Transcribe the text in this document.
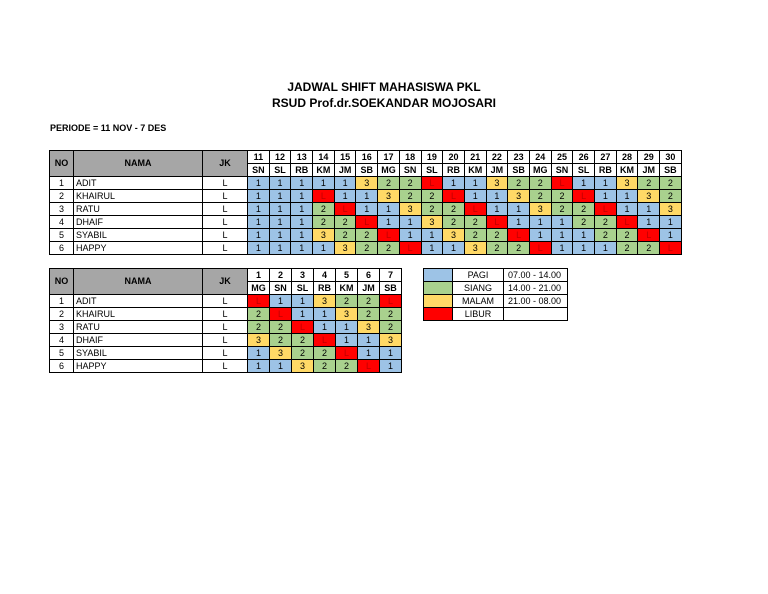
JADWAL SHIFT MAHASISWA PKL
RSUD Prof.dr.SOEKANDAR MOJOSARI
PERIODE = 11 NOV - 7 DES
NO	NAMA	JK	11	12	13	14	15	16	17	18	19	20	21	22	23	24	25	26	27	28	29	30
			SN	SL	RB	KM	JM	SB	MG	SN	SL	RB	KM	JM	SB	MG	SN	SL	RB	KM	JM	SB
1	ADIT	L	1	1	1	1	1	3	2	2	L	1	1	3	2	2	L	1	1	3	2	2
2	KHAIRUL	L	1	1	1	L	1	1	3	2	2	L	1	1	3	2	2	L	1	1	3	2
3	RATU	L	1	1	1	2	L	1	1	3	2	2	L	1	1	3	2	2	L	1	1	3
4	DHAIF	L	1	1	1	2	2	L	1	1	3	2	2	L	1	1	1	2	2	L	1	1
5	SYABIL	L	1	1	1	3	2	2	L	1	1	3	2	2	L	1	1	1	2	2	L	1
6	HAPPY	L	1	1	1	1	3	2	2	L	1	1	3	2	2	L	1	1	1	2	2	L
NO	NAMA	JK	1	2	3	4	5	6	7
			MG	SN	SL	RB	KM	JM	SB
1	ADIT	L	L	1	1	3	2	2	L
2	KHAIRUL	L	2	L	1	1	3	2	2
3	RATU	L	2	2	L	1	1	3	2
4	DHAIF	L	3	2	2	L	1	1	3
5	SYABIL	L	1	3	2	2	L	1	1
6	HAPPY	L	1	1	3	2	2	L	1
	PAGI	07.00 - 14.00
	SIANG	14.00 - 21.00
	MALAM	21.00 - 08.00
	LIBUR	
